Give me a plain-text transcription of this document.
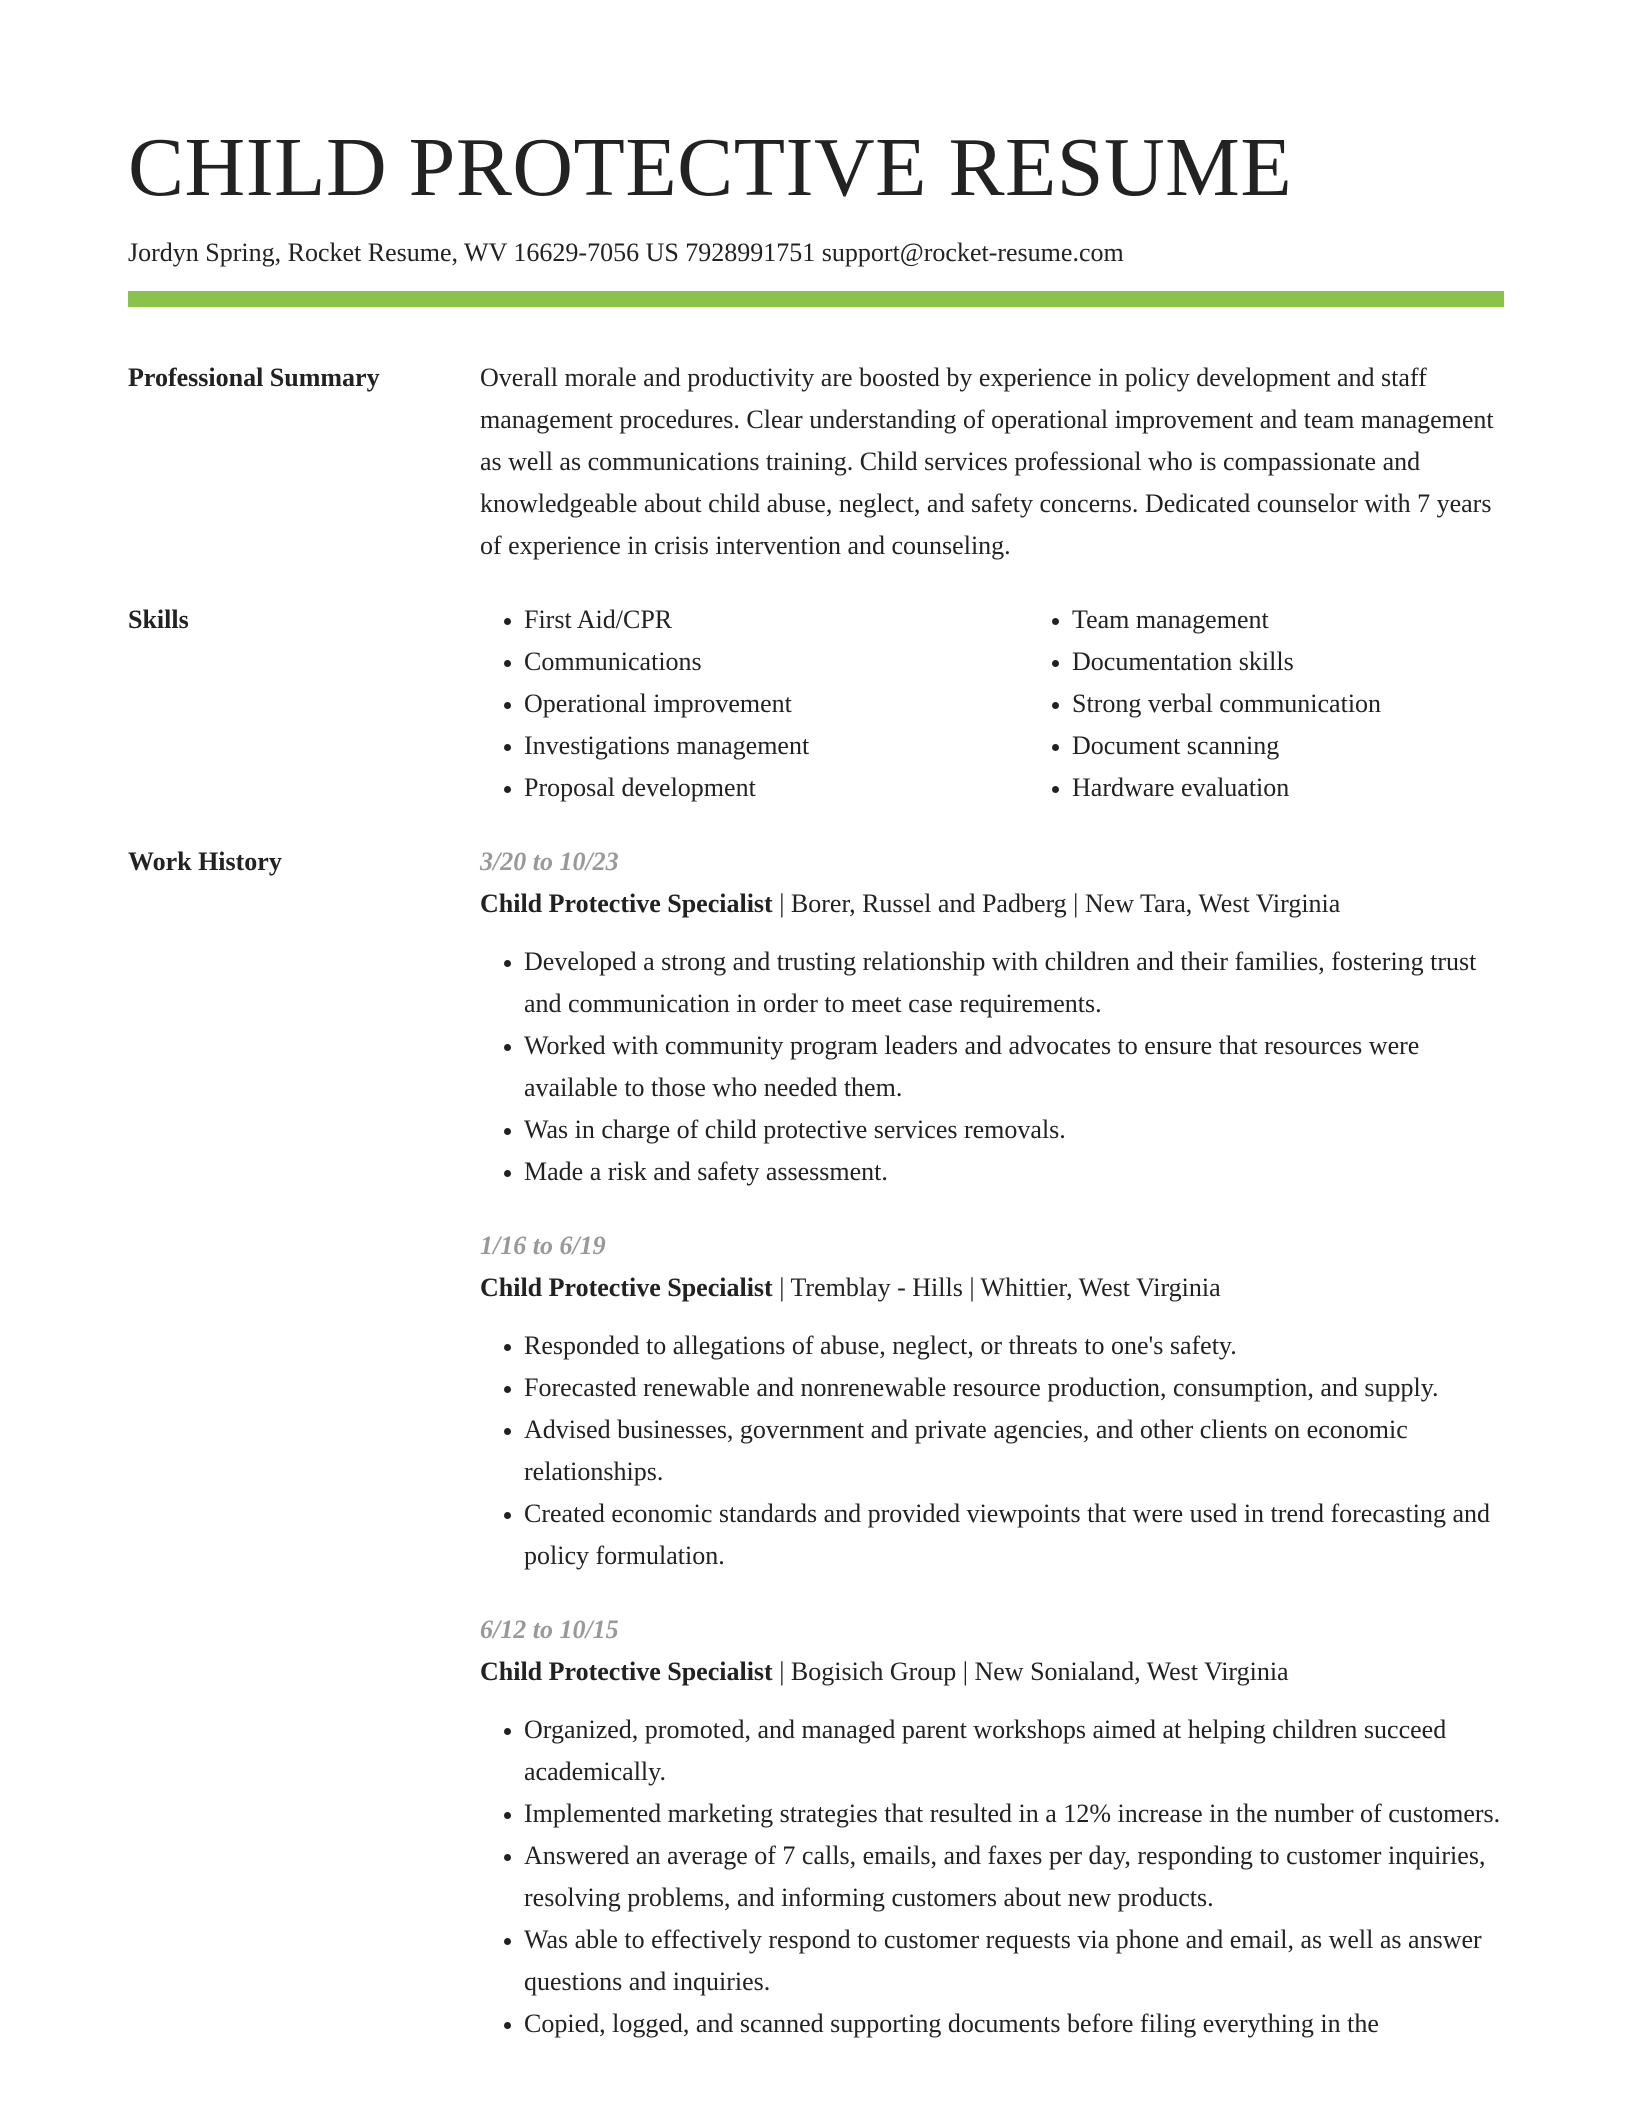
CHILD PROTECTIVE RESUME
Jordyn Spring, Rocket Resume, WV 16629-7056 US 7928991751 support@rocket-resume.com
Professional Summary	Overall morale and productivity are boosted by experience in policy development and staff management procedures. Clear understanding of operational improvement and team management as well as communications training. Child services professional who is compassionate and knowledgeable about child abuse, neglect, and safety concerns. Dedicated counselor with 7 years of experience in crisis intervention and counseling.
Skills
•	First Aid/CPR
• Communications
• Operational improvement
• Investigations management
• Proposal development
• Team management
• Documentation skills
• Strong verbal communication
• Document scanning
• Hardware evaluation
Work History	3/20 to 10/23
Child Protective Specialist | Borer, Russel and Padberg | New Tara, West Virginia
• Developed a strong and trusting relationship with children and their families, fostering trust and communication in order to meet case requirements.
• Worked with community program leaders and advocates to ensure that resources were available to those who needed them.
• Was in charge of child protective services removals.
• Made a risk and safety assessment.
1/16 to 6/19
Child Protective Specialist | Tremblay - Hills | Whittier, West Virginia
• Responded to allegations of abuse, neglect, or threats to one's safety.
• Forecasted renewable and nonrenewable resource production, consumption, and supply.
• Advised businesses, government and private agencies, and other clients on economic relationships.
• Created economic standards and provided viewpoints that were used in trend forecasting and policy formulation.
6/12 to 10/15
Child Protective Specialist | Bogisich Group | New Sonialand, West Virginia
• Organized, promoted, and managed parent workshops aimed at helping children succeed academically.
• Implemented marketing strategies that resulted in a 12% increase in the number of customers.
• Answered an average of 7 calls, emails, and faxes per day, responding to customer inquiries, resolving problems, and informing customers about new products.
• Was able to effectively respond to customer requests via phone and email, as well as answer questions and inquiries.
• Copied, logged, and scanned supporting documents before filing everything in the
